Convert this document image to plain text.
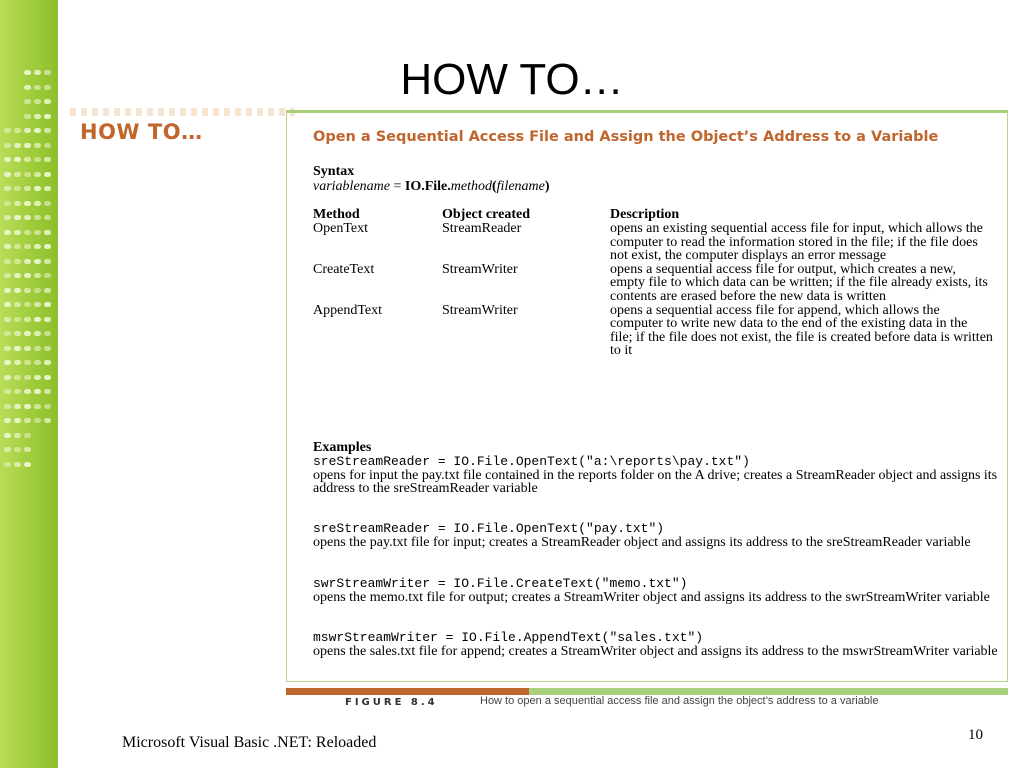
HOW TO…
HOW TO…	Open a Sequential Access File and Assign the Object’s Address to a Variable
Syntax
variablename = IO.File.method(filename)
Method	Object created	Description
OpenText	StreamReader	opens an existing sequential access file for input, which allows the computer to read the information stored in the file; if the file does not exist, the computer displays an error message
CreateText	StreamWriter	opens a sequential access file for output, which creates a new, empty file to which data can be written; if the file already exists, its contents are erased before the new data is written
AppendText	StreamWriter	opens a sequential access file for append, which allows the computer to write new data to the end of the existing data in the file; if the file does not exist, the file is created before data is written to it
Examples
sreStreamReader = IO.File.OpenText("a:\reports\pay.txt")
opens for input the pay.txt file contained in the reports folder on the A drive; creates a StreamReader object and assigns its address to the sreStreamReader variable
sreStreamReader = IO.File.OpenText("pay.txt")
opens the pay.txt file for input; creates a StreamReader object and assigns its address to the sreStreamReader variable
swrStreamWriter = IO.File.CreateText("memo.txt")
opens the memo.txt file for output; creates a StreamWriter object and assigns its address to the swrStreamWriter variable
mswrStreamWriter = IO.File.AppendText("sales.txt")
opens the sales.txt file for append; creates a StreamWriter object and assigns its address to the mswrStreamWriter variable
FIGURE 8.4	How to open a sequential access file and assign the object’s address to a variable
Microsoft Visual Basic .NET: Reloaded	10
